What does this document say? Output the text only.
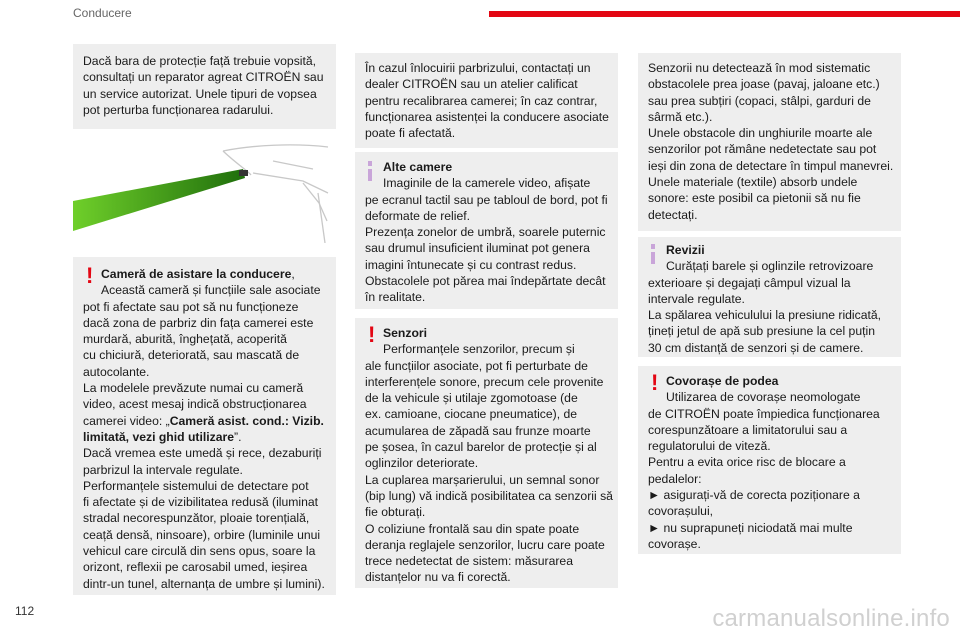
Conducere
Dacă bara de protecție față trebuie vopsită,
consultați un reparator agreat CITROËN sau
un service autorizat. Unele tipuri de vopsea
pot perturba funcționarea radarului.
! Cameră de asistare la conducere,
Această cameră și funcțiile sale asociate
pot fi afectate sau pot să nu funcționeze
dacă zona de parbriz din fața camerei este
murdară, aburită, înghețată, acoperită
cu chiciură, deteriorată, sau mascată de
autocolante.
La modelele prevăzute numai cu cameră
video, acest mesaj indică obstrucționarea
camerei video: „Cameră asist. cond.: Vizib.
limitată, vezi ghid utilizare”.
Dacă vremea este umedă și rece, dezaburiți
parbrizul la intervale regulate.
Performanțele sistemului de detectare pot
fi afectate și de vizibilitatea redusă (iluminat
stradal necorespunzător, ploaie torențială,
ceață densă, ninsoare), orbire (luminile unui
vehicul care circulă din sens opus, soare la
orizont, reflexii pe carosabil umed, ieșirea
dintr-un tunel, alternanța de umbre și lumini).
În cazul înlocuirii parbrizului, contactați un
dealer CITROËN sau un atelier calificat
pentru recalibrarea camerei; în caz contrar,
funcționarea asistenței la conducere asociate
poate fi afectată.
Alte camere
Imaginile de la camerele video, afișate
pe ecranul tactil sau pe tabloul de bord, pot fi
deformate de relief.
Prezența zonelor de umbră, soarele puternic
sau drumul insuficient iluminat pot genera
imagini întunecate și cu contrast redus.
Obstacolele pot părea mai îndepărtate decât
în realitate.
! Senzori
Performanțele senzorilor, precum și
ale funcțiilor asociate, pot fi perturbate de
interferențele sonore, precum cele provenite
de la vehicule și utilaje zgomotoase (de
ex. camioane, ciocane pneumatice), de
acumularea de zăpadă sau frunze moarte
pe șosea, în cazul barelor de protecție și al
oglinzilor deteriorate.
La cuplarea marșarierului, un semnal sonor
(bip lung) vă indică posibilitatea ca senzorii să
fie obturați.
O coliziune frontală sau din spate poate
deranja reglajele senzorilor, lucru care poate
trece nedetectat de sistem: măsurarea
distanțelor nu va fi corectă.
Senzorii nu detectează în mod sistematic
obstacolele prea joase (pavaj, jaloane etc.)
sau prea subțiri (copaci, stâlpi, garduri de
sârmă etc.).
Unele obstacole din unghiurile moarte ale
senzorilor pot rămâne nedetectate sau pot
ieși din zona de detectare în timpul manevrei.
Unele materiale (textile) absorb undele
sonore: este posibil ca pietonii să nu fie
detectați.
Revizii
Curățați barele și oglinzile retrovizoare
exterioare și degajați câmpul vizual la
intervale regulate.
La spălarea vehiculului la presiune ridicată,
țineți jetul de apă sub presiune la cel puțin
30 cm distanță de senzori și de camere.
! Covorașe de podea
Utilizarea de covorașe neomologate
de CITROËN poate împiedica funcționarea
corespunzătoare a limitatorului sau a
regulatorului de viteză.
Pentru a evita orice risc de blocare a
pedalelor:
► asigurați-vă de corecta poziționare a
covorașului,
► nu suprapuneți niciodată mai multe
covorașe.
112	carmanualsonline.info
